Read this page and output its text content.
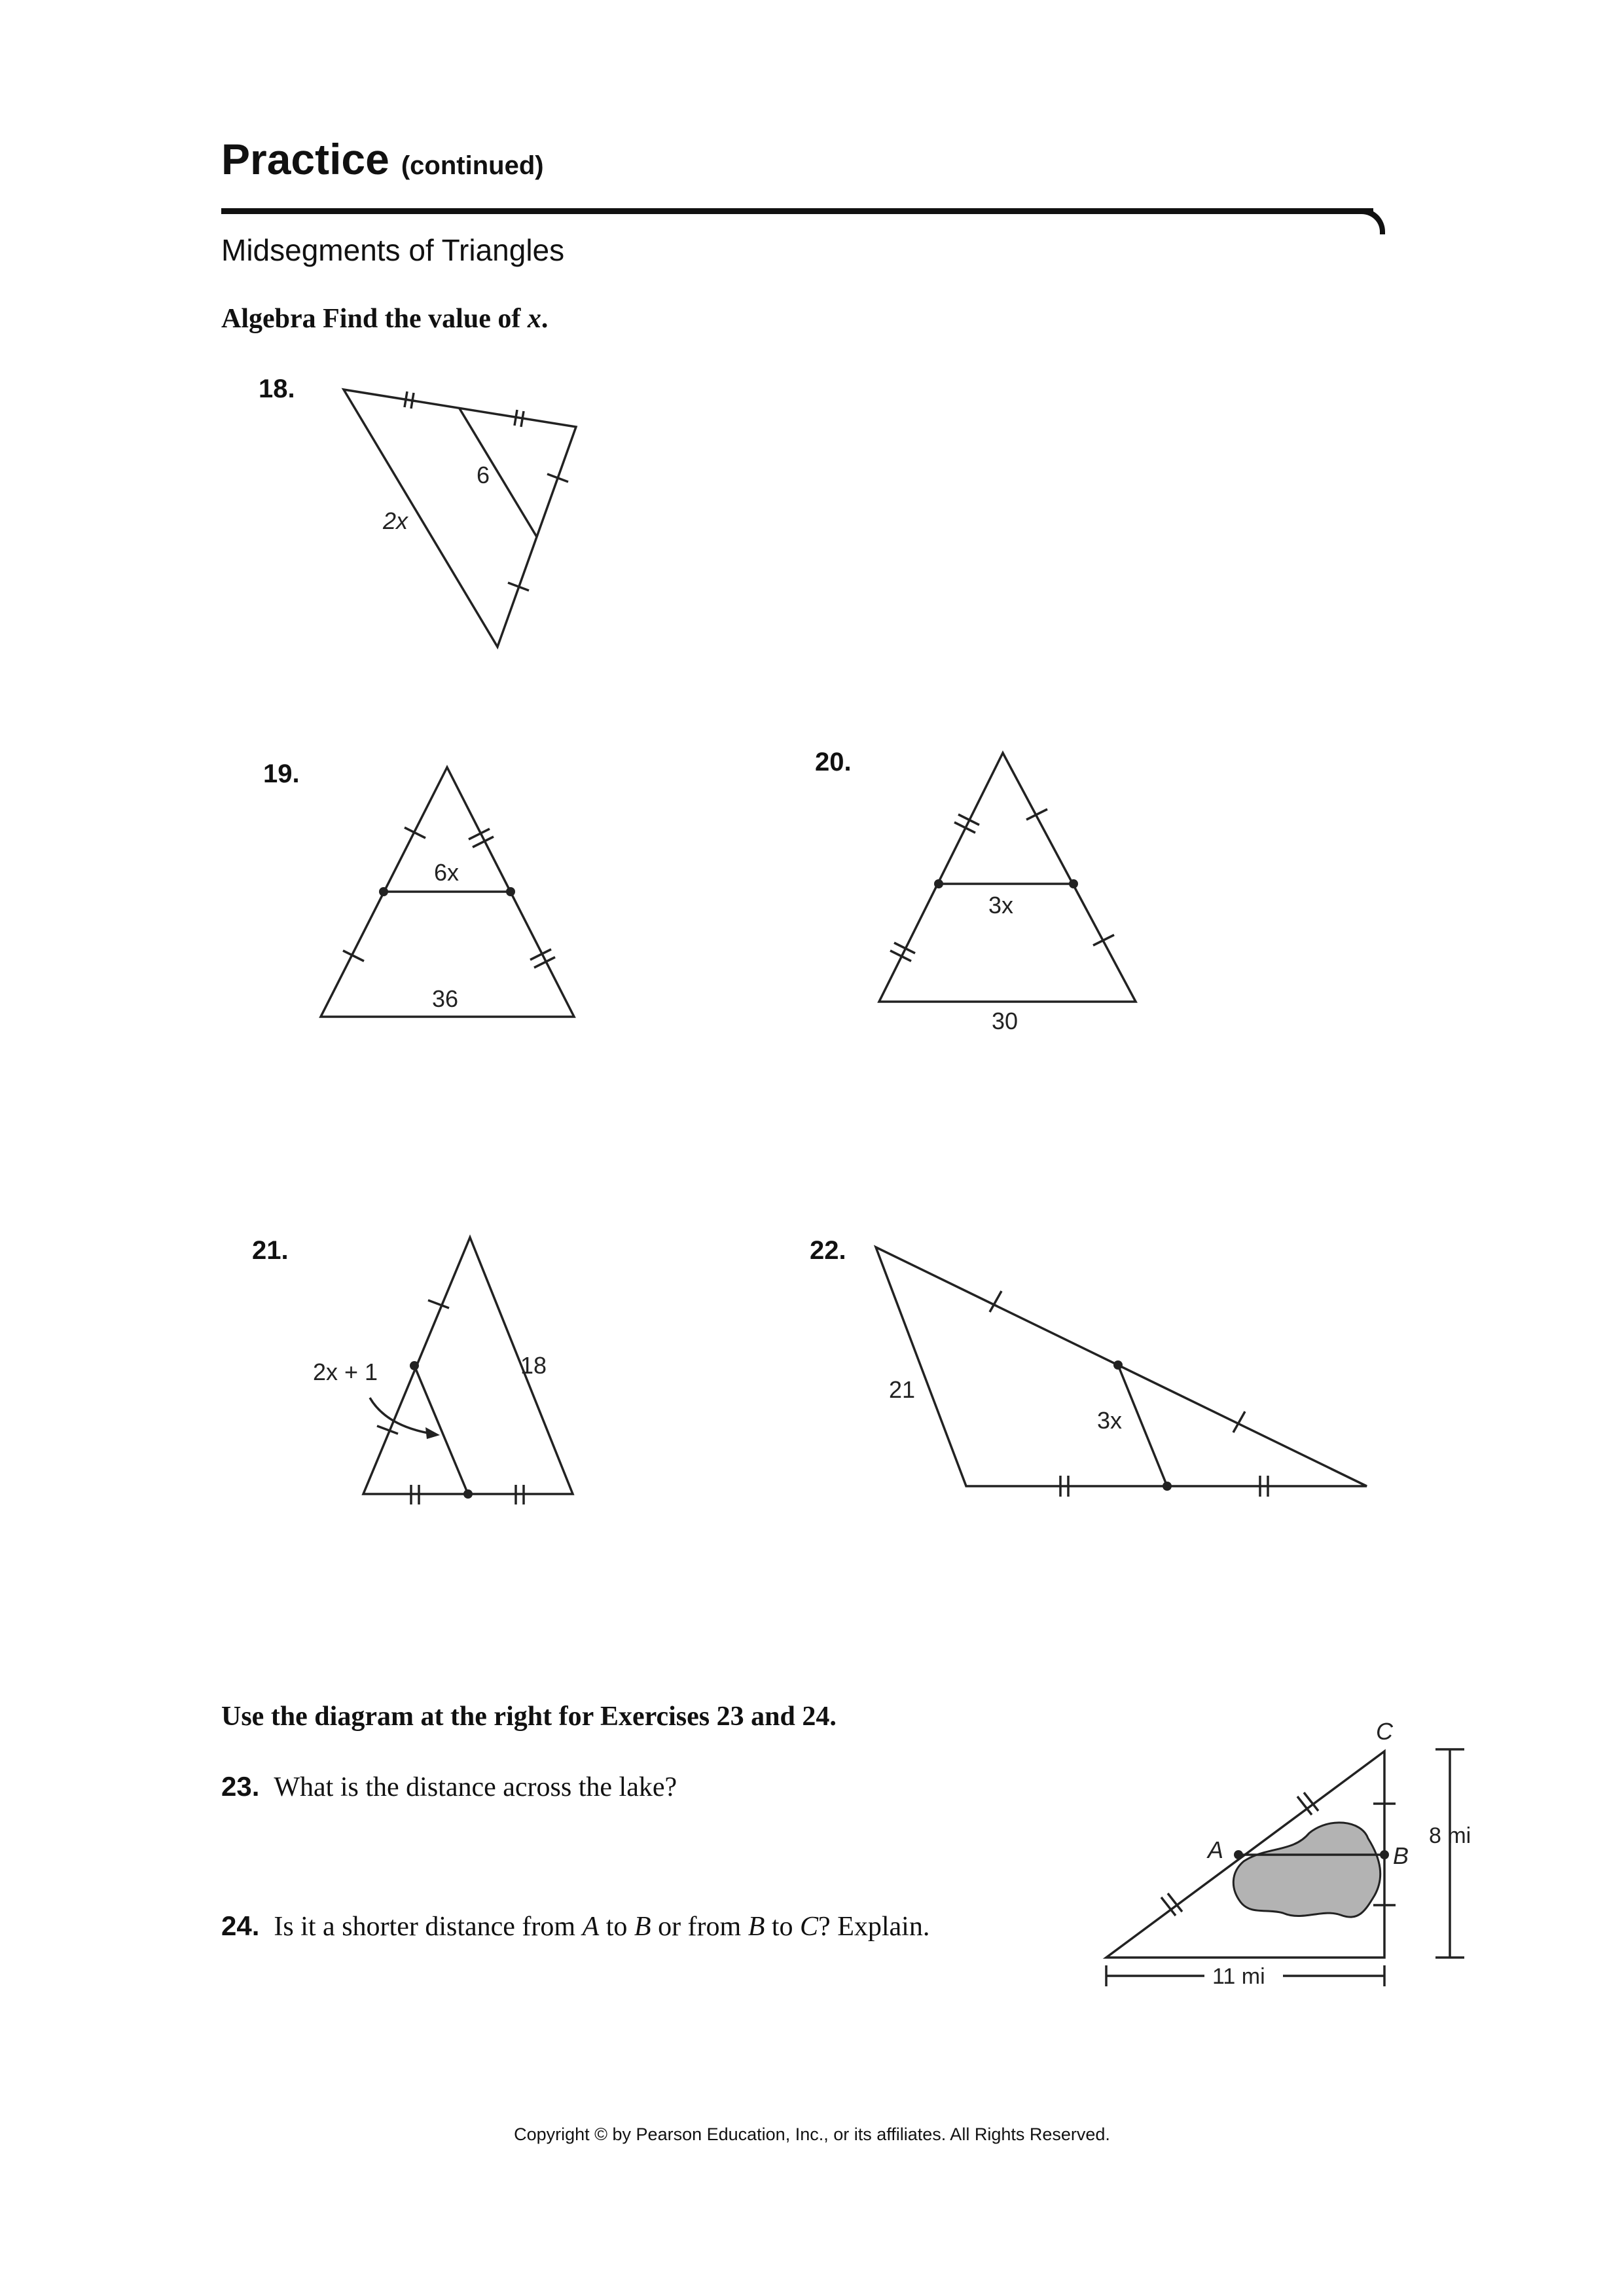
Practice (continued)
Midsegments of Triangles
Algebra Find the value of x.
18.
19.	20.
21.	22.
2x
6
6x
36
3x
30
2x + 1	18
21
3x
C
A	B
8 mi
11 mi
Use the diagram at the right for Exercises 23 and 24.
23. What is the distance across the lake?
24. Is it a shorter distance from A to B or from B to C? Explain.
Copyright © by Pearson Education, Inc., or its affiliates. All Rights Reserved.
